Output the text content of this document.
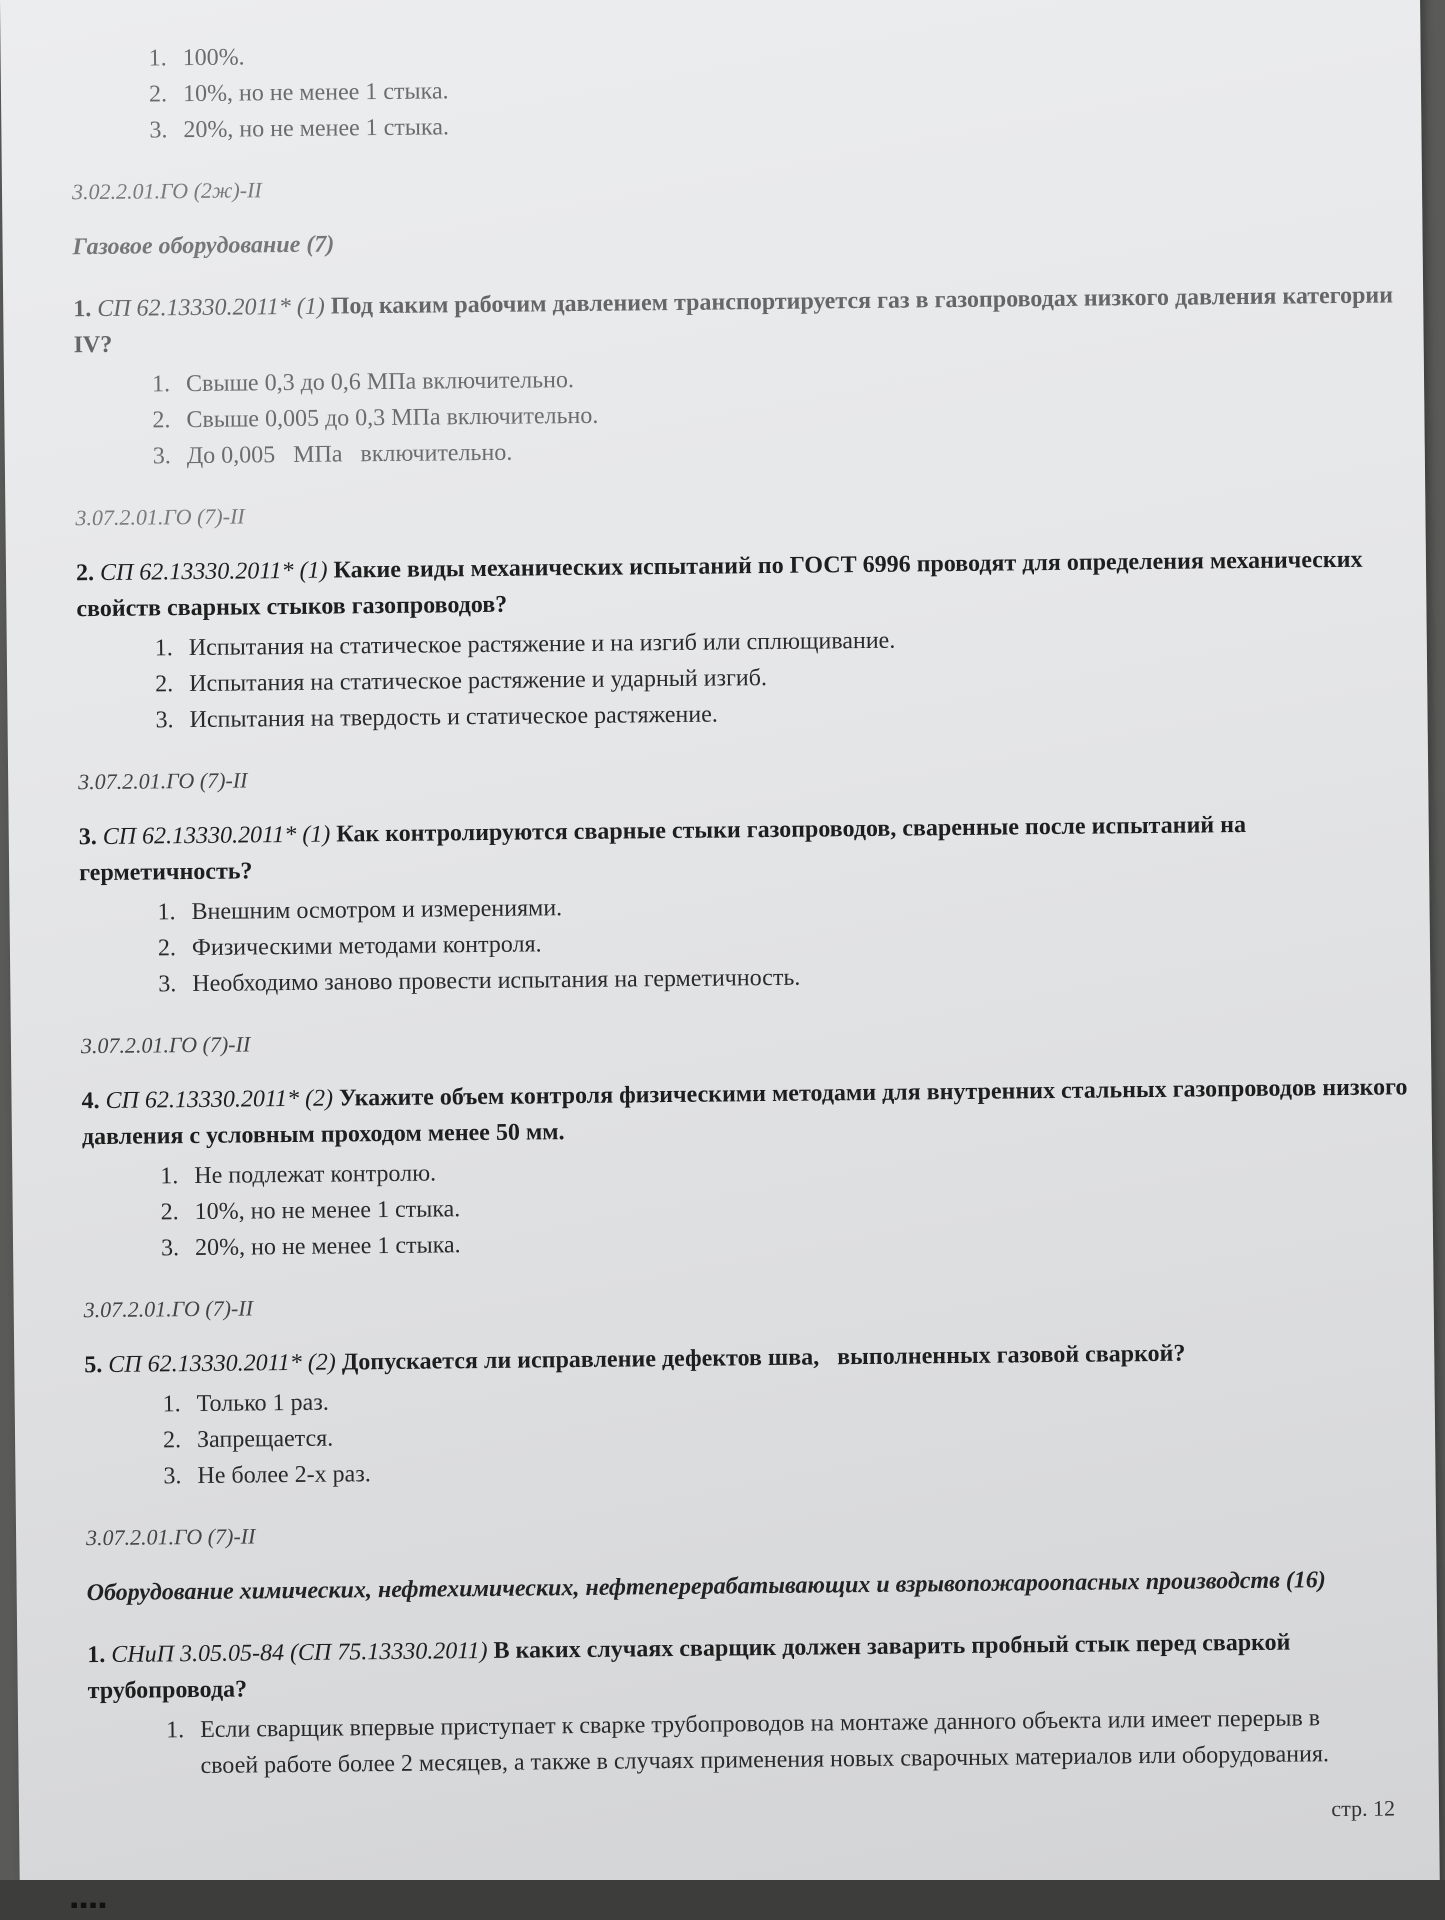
1. 100%.
2. 10%, но не менее 1 стыка.
3. 20%, но не менее 1 стыка.
3.02.2.01.ГО (2ж)-II
Газовое оборудование (7)
1. СП 62.13330.2011* (1) Под каким рабочим давлением транспортируется газ в газопроводах низкого давления категории IV?
1. Свыше 0,3 до 0,6 МПа включительно.
2. Свыше 0,005 до 0,3 МПа включительно.
3. До 0,005   МПа   включительно.
3.07.2.01.ГО (7)-II
2. СП 62.13330.2011* (1) Какие виды механических испытаний по ГОСТ 6996 проводят для определения механических свойств сварных стыков газопроводов?
1. Испытания на статическое растяжение и на изгиб или сплющивание.
2. Испытания на статическое растяжение и ударный изгиб.
3. Испытания на твердость и статическое растяжение.
3.07.2.01.ГО (7)-II
3. СП 62.13330.2011* (1) Как контролируются сварные стыки газопроводов, сваренные после испытаний на герметичность?
1. Внешним осмотром и измерениями.
2. Физическими методами контроля.
3. Необходимо заново провести испытания на герметичность.
3.07.2.01.ГО (7)-II
4. СП 62.13330.2011* (2) Укажите объем контроля физическими методами для внутренних стальных газопроводов низкого давления с условным проходом менее 50 мм.
1. Не подлежат контролю.
2. 10%, но не менее 1 стыка.
3. 20%, но не менее 1 стыка.
3.07.2.01.ГО (7)-II
5. СП 62.13330.2011* (2) Допускается ли исправление дефектов шва,   выполненных газовой сваркой?
1. Только 1 раз.
2. Запрещается.
3. Не более 2-х раз.
3.07.2.01.ГО (7)-II
Оборудование химических, нефтехимических, нефтеперерабатывающих и взрывопожароопасных производств (16)
1. СНиП 3.05.05-84 (СП 75.13330.2011) В каких случаях сварщик должен заварить пробный стык перед сваркой трубопровода?
1. Если сварщик впервые приступает к сварке трубопроводов на монтаже данного объекта или имеет перерыв в своей работе более 2 месяцев, а также в случаях применения новых сварочных материалов или оборудования.
стр. 12
▪▪▪▪
